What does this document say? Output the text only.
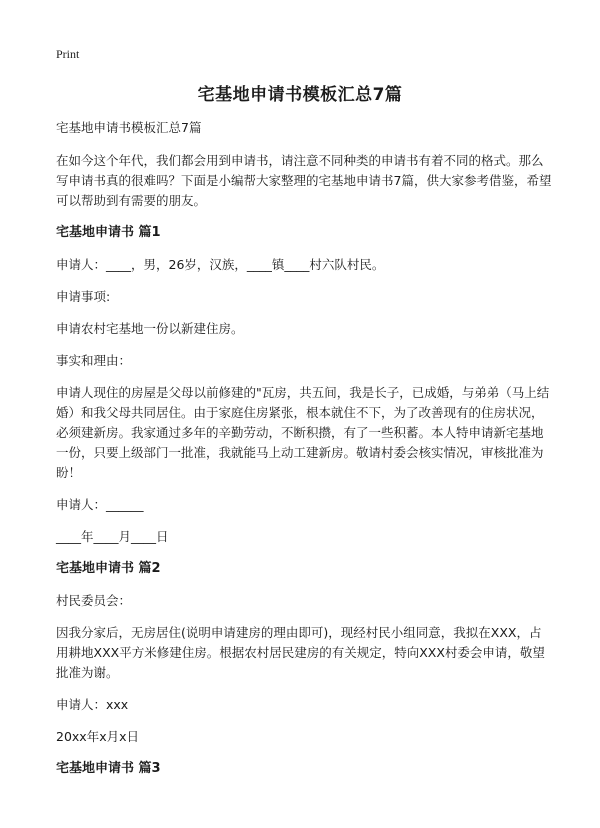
Print
宅基地申请书模板汇总7篇

宅基地申请书模板汇总7篇

在如今这个年代，我们都会用到申请书，请注意不同种类的申请书有着不同的格式。那么写申请书真的很难吗？下面是小编帮大家整理的宅基地申请书7篇，供大家参考借鉴，希望可以帮助到有需要的朋友。

宅基地申请书 篇1

申请人：____，男，26岁，汉族，____镇____村六队村民。

申请事项:

申请农村宅基地一份以新建住房。

事实和理由：

申请人现住的房屋是父母以前修建的"瓦房，共五间，我是长子，已成婚，与弟弟（马上结婚）和我父母共同居住。由于家庭住房紧张，根本就住不下，为了改善现有的住房状况，必须建新房。我家通过多年的辛勤劳动，不断积攒，有了一些积蓄。本人特申请新宅基地一份，只要上级部门一批准，我就能马上动工建新房。敬请村委会核实情况，审核批准为盼！

申请人：______

____年____月____日

宅基地申请书 篇2

村民委员会：

因我分家后，无房居住(说明申请建房的理由即可)，现经村民小组同意，我拟在XXX，占用耕地XXX平方米修建住房。根据农村居民建房的有关规定，特向XXX村委会申请，敬望批准为谢。

申请人：xxx

20xx年x月x日

宅基地申请书 篇3
